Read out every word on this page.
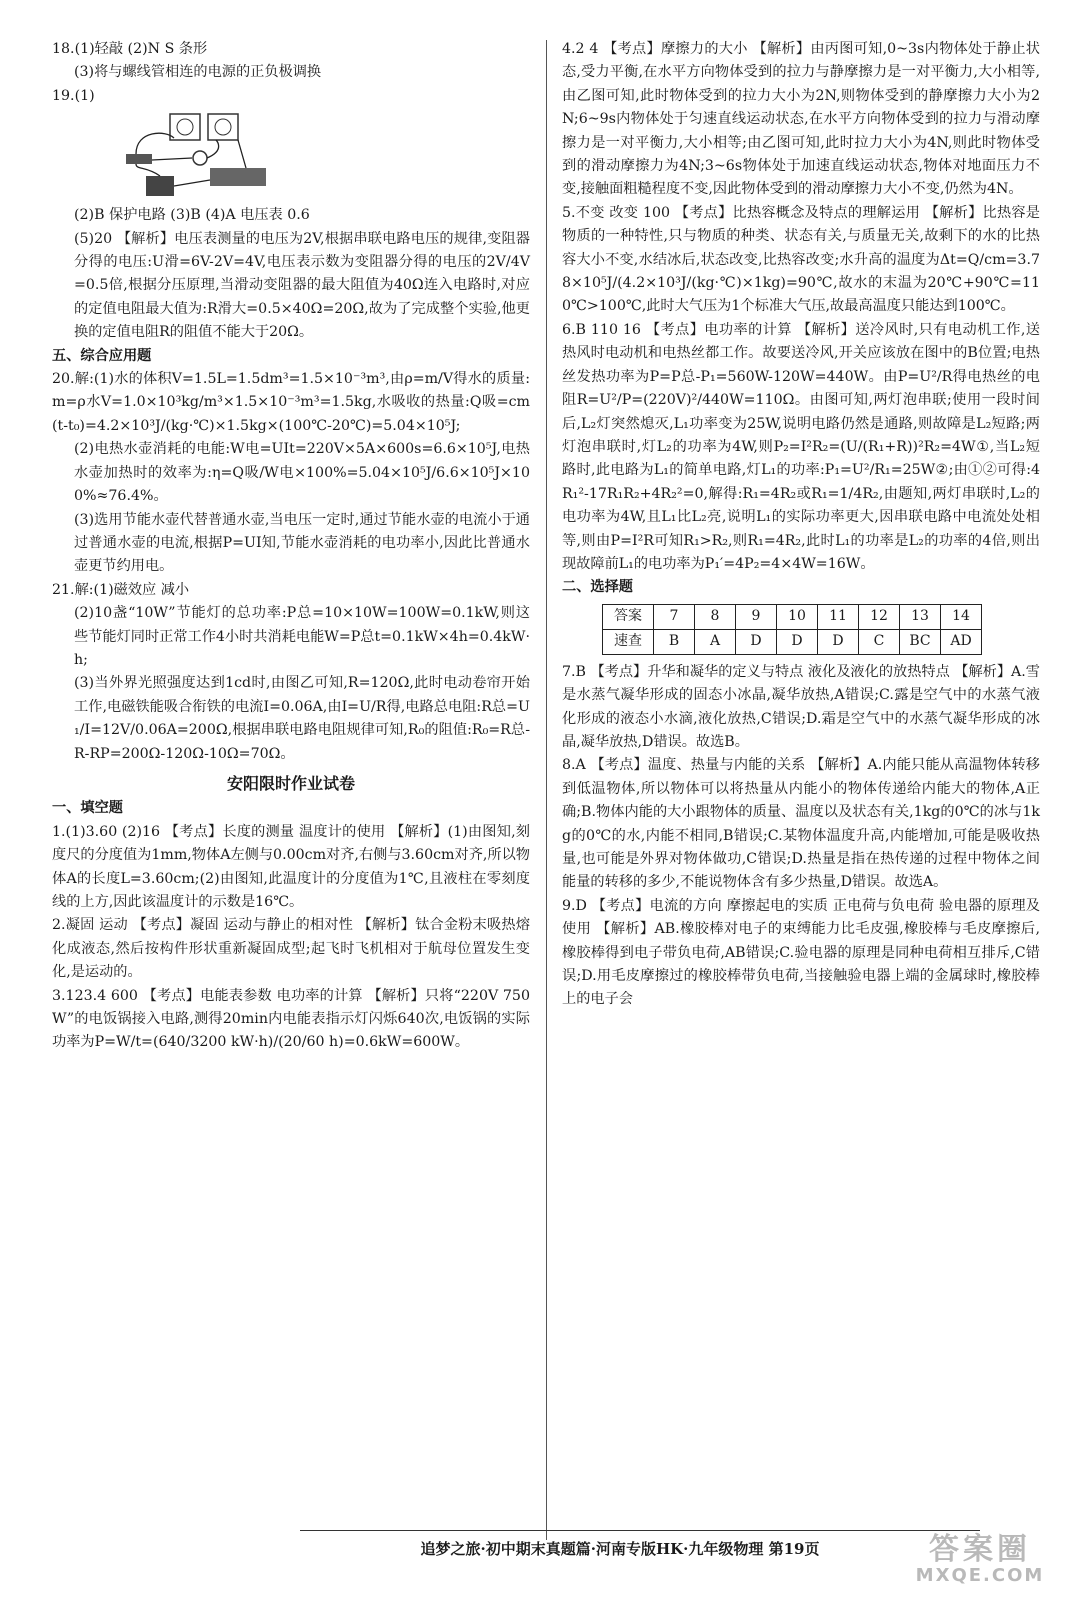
18.(1)轻敲 (2)N S 条形
(3)将与螺线管相连的电源的正负极调换
19.(1)
(2)B 保护电路 (3)B (4)A 电压表 0.6
(5)20 【解析】电压表测量的电压为2V,根据串联电路电压的规律,变阻器分得的电压:U滑=6V-2V=4V,电压表示数为变阻器分得的电压的2V/4V=0.5倍,根据分压原理,当滑动变阻器的最大阻值为40Ω连入电路时,对应的定值电阻最大值为:R滑大=0.5×40Ω=20Ω,故为了完成整个实验,他更换的定值电阻R的阻值不能大于20Ω。
五、综合应用题
20.解:(1)水的体积V=1.5L=1.5dm³=1.5×10⁻³m³,由ρ=m/V得水的质量:m=ρ水V=1.0×10³kg/m³×1.5×10⁻³m³=1.5kg,水吸收的热量:Q吸=cm(t-t₀)=4.2×10³J/(kg·℃)×1.5kg×(100℃-20℃)=5.04×10⁵J;
(2)电热水壶消耗的电能:W电=UIt=220V×5A×600s=6.6×10⁵J,电热水壶加热时的效率为:η=Q吸/W电×100%=5.04×10⁵J/6.6×10⁵J×100%≈76.4%。
(3)选用节能水壶代替普通水壶,当电压一定时,通过节能水壶的电流小于通过普通水壶的电流,根据P=UI知,节能水壶消耗的电功率小,因此比普通水壶更节约用电。
21.解:(1)磁效应 减小
(2)10盏“10W”节能灯的总功率:P总=10×10W=100W=0.1kW,则这些节能灯同时正常工作4小时共消耗电能W=P总t=0.1kW×4h=0.4kW·h;
(3)当外界光照强度达到1cd时,由图乙可知,R=120Ω,此时电动卷帘开始工作,电磁铁能吸合衔铁的电流I=0.06A,由I=U/R得,电路总电阻:R总=U₁/I=12V/0.06A=200Ω,根据串联电路电阻规律可知,R₀的阻值:R₀=R总-R-RP=200Ω-120Ω-10Ω=70Ω。
安阳限时作业试卷
一、填空题
1.(1)3.60 (2)16 【考点】长度的测量 温度计的使用 【解析】(1)由图知,刻度尺的分度值为1mm,物体A左侧与0.00cm对齐,右侧与3.60cm对齐,所以物体A的长度L=3.60cm;(2)由图知,此温度计的分度值为1℃,且液柱在零刻度线的上方,因此该温度计的示数是16℃。
2.凝固 运动 【考点】凝固 运动与静止的相对性 【解析】钛合金粉末吸热熔化成液态,然后按构件形状重新凝固成型;起飞时飞机相对于航母位置发生变化,是运动的。
3.123.4 600 【考点】电能表参数 电功率的计算 【解析】只将“220V 750W”的电饭锅接入电路,测得20min内电能表指示灯闪烁640次,电饭锅的实际功率为P=W/t=(640/3200 kW·h)/(20/60 h)=0.6kW=600W。
4.2 4 【考点】摩擦力的大小 【解析】由丙图可知,0~3s内物体处于静止状态,受力平衡,在水平方向物体受到的拉力与静摩擦力是一对平衡力,大小相等,由乙图可知,此时物体受到的拉力大小为2N,则物体受到的静摩擦力大小为2N;6~9s内物体处于匀速直线运动状态,在水平方向物体受到的拉力与滑动摩擦力是一对平衡力,大小相等;由乙图可知,此时拉力大小为4N,则此时物体受到的滑动摩擦力为4N;3~6s物体处于加速直线运动状态,物体对地面压力不变,接触面粗糙程度不变,因此物体受到的滑动摩擦力大小不变,仍然为4N。
5.不变 改变 100 【考点】比热容概念及特点的理解运用 【解析】比热容是物质的一种特性,只与物质的种类、状态有关,与质量无关,故剩下的水的比热容大小不变,水结冰后,状态改变,比热容改变;水升高的温度为Δt=Q/cm=3.78×10⁵J/(4.2×10³J/(kg·℃)×1kg)=90℃,故水的末温为20℃+90℃=110℃>100℃,此时大气压为1个标准大气压,故最高温度只能达到100℃。
6.B 110 16 【考点】电功率的计算 【解析】送冷风时,只有电动机工作,送热风时电动机和电热丝都工作。故要送冷风,开关应该放在图中的B位置;电热丝发热功率为P=P总-P₁=560W-120W=440W。由P=U²/R得电热丝的电阻R=U²/P=(220V)²/440W=110Ω。由图可知,两灯泡串联;使用一段时间后,L₂灯突然熄灭,L₁功率变为25W,说明电路仍然是通路,则故障是L₂短路;两灯泡串联时,灯L₂的功率为4W,则P₂=I²R₂=(U/(R₁+R))²R₂=4W①,当L₂短路时,此电路为L₁的简单电路,灯L₁的功率:P₁=U²/R₁=25W②;由①②可得:4R₁²-17R₁R₂+4R₂²=0,解得:R₁=4R₂或R₁=1/4R₂,由题知,两灯串联时,L₂的电功率为4W,且L₁比L₂亮,说明L₁的实际功率更大,因串联电路中电流处处相等,则由P=I²R可知R₁>R₂,则R₁=4R₂,此时L₁的功率是L₂的功率的4倍,则出现故障前L₁的电功率为P₁′=4P₂=4×4W=16W。
二、选择题
答案	7	8	9	10	11	12	13	14
速查	B	A	D	D	D	C	BC	AD
7.B 【考点】升华和凝华的定义与特点 液化及液化的放热特点 【解析】A.雪是水蒸气凝华形成的固态小冰晶,凝华放热,A错误;C.露是空气中的水蒸气液化形成的液态小水滴,液化放热,C错误;D.霜是空气中的水蒸气凝华形成的冰晶,凝华放热,D错误。故选B。
8.A 【考点】温度、热量与内能的关系 【解析】A.内能只能从高温物体转移到低温物体,所以物体可以将热量从内能小的物体传递给内能大的物体,A正确;B.物体内能的大小跟物体的质量、温度以及状态有关,1kg的0℃的冰与1kg的0℃的水,内能不相同,B错误;C.某物体温度升高,内能增加,可能是吸收热量,也可能是外界对物体做功,C错误;D.热量是指在热传递的过程中物体之间能量的转移的多少,不能说物体含有多少热量,D错误。故选A。
9.D 【考点】电流的方向 摩擦起电的实质 正电荷与负电荷 验电器的原理及使用 【解析】AB.橡胶棒对电子的束缚能力比毛皮强,橡胶棒与毛皮摩擦后,橡胶棒得到电子带负电荷,AB错误;C.验电器的原理是同种电荷相互排斥,C错误;D.用毛皮摩擦过的橡胶棒带负电荷,当接触验电器上端的金属球时,橡胶棒上的电子会
追梦之旅·初中期末真题篇·河南专版HK·九年级物理 第19页	答案圈
MXQE.COM
